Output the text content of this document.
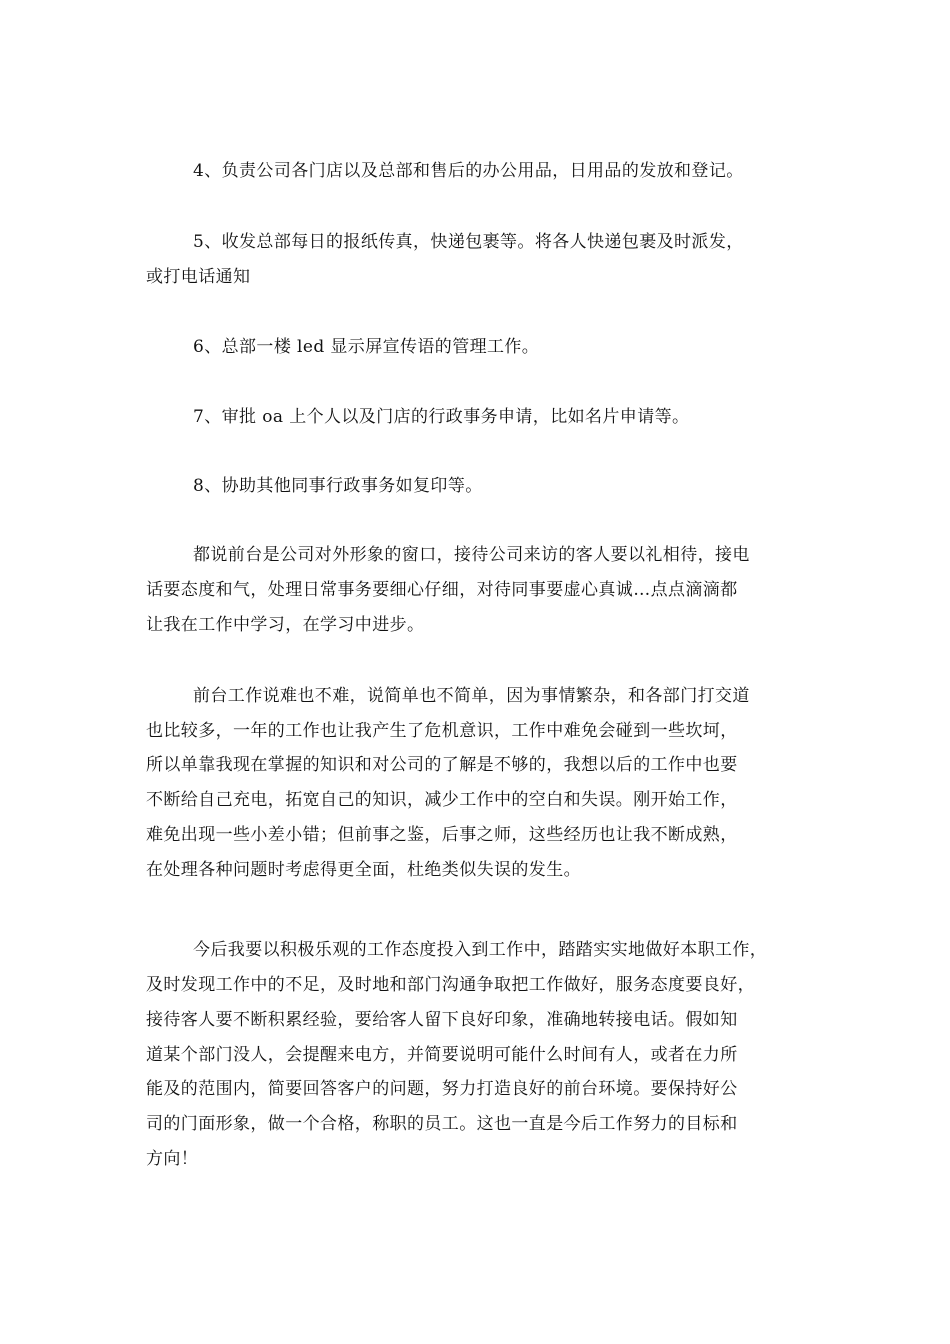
4、负责公司各门店以及总部和售后的办公用品，日用品的发放和登记。
5、收发总部每日的报纸传真，快递包裹等。将各人快递包裹及时派发，
或打电话通知
6、总部一楼 led 显示屏宣传语的管理工作。
7、审批 oa 上个人以及门店的行政事务申请，比如名片申请等。
8、协助其他同事行政事务如复印等。
都说前台是公司对外形象的窗口，接待公司来访的客人要以礼相待，接电
话要态度和气，处理日常事务要细心仔细，对待同事要虚心真诚…点点滴滴都
让我在工作中学习，在学习中进步。
前台工作说难也不难，说简单也不简单，因为事情繁杂，和各部门打交道
也比较多，一年的工作也让我产生了危机意识，工作中难免会碰到一些坎坷，
所以单靠我现在掌握的知识和对公司的了解是不够的，我想以后的工作中也要
不断给自己充电，拓宽自己的知识，减少工作中的空白和失误。刚开始工作，
难免出现一些小差小错；但前事之鉴，后事之师，这些经历也让我不断成熟，
在处理各种问题时考虑得更全面，杜绝类似失误的发生。
今后我要以积极乐观的工作态度投入到工作中，踏踏实实地做好本职工作，
及时发现工作中的不足，及时地和部门沟通争取把工作做好，服务态度要良好，
接待客人要不断积累经验，要给客人留下良好印象，准确地转接电话。假如知
道某个部门没人，会提醒来电方，并简要说明可能什么时间有人，或者在力所
能及的范围内，简要回答客户的问题，努力打造良好的前台环境。要保持好公
司的门面形象，做一个合格，称职的员工。这也一直是今后工作努力的目标和
方向！
